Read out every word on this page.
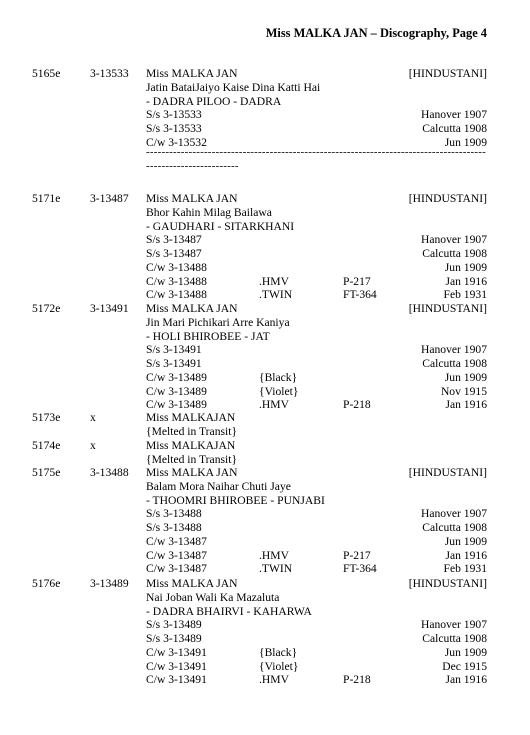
Miss MALKA JAN – Discography, Page 4
5165e	3-13533 Miss MALKA JAN	[HINDUSTANI]
Jatin BataiJaiyo Kaise Dina Katti Hai
- DADRA PILOO - DADRA
S/s 3-13533	Hanover 1907
S/s 3-13533	Calcutta 1908
C/w 3-13532	Jun 1909
----------------------------------------------------------------------------------------------------------------
5171e	3-13487 Miss MALKA JAN	[HINDUSTANI]
Bhor Kahin Milag Bailawa
- GAUDHARI - SITARKHANI
S/s 3-13487	Hanover 1907
S/s 3-13487	Calcutta 1908
C/w 3-13488	Jun 1909
C/w 3-13488	.HMV	P-217	Jan 1916
C/w 3-13488	.TWIN	FT-364	Feb 1931
5172e	3-13491 Miss MALKA JAN	[HINDUSTANI]
Jin Mari Pichikari Arre Kaniya
- HOLI BHIROBEE - JAT
S/s 3-13491	Hanover 1907
S/s 3-13491	Calcutta 1908
C/w 3-13489	{Black}	Jun 1909
C/w 3-13489	{Violet}	Nov 1915
C/w 3-13489	.HMV	P-218	Jan 1916
5173e	x	Miss MALKAJAN
{Melted in Transit}
5174e	x	Miss MALKAJAN
{Melted in Transit}
5175e	3-13488 Miss MALKA JAN	[HINDUSTANI]
Balam Mora Naihar Chuti Jaye
- THOOMRI BHIROBEE - PUNJABI
S/s 3-13488	Hanover 1907
S/s 3-13488	Calcutta 1908
C/w 3-13487	Jun 1909
C/w 3-13487	.HMV	P-217	Jan 1916
C/w 3-13487	.TWIN	FT-364	Feb 1931
5176e	3-13489 Miss MALKA JAN	[HINDUSTANI]
Nai Joban Wali Ka Mazaluta
- DADRA BHAIRVI - KAHARWA
S/s 3-13489	Hanover 1907
S/s 3-13489	Calcutta 1908
C/w 3-13491	{Black}	Jun 1909
C/w 3-13491	{Violet}	Dec 1915
C/w 3-13491	.HMV	P-218	Jan 1916
